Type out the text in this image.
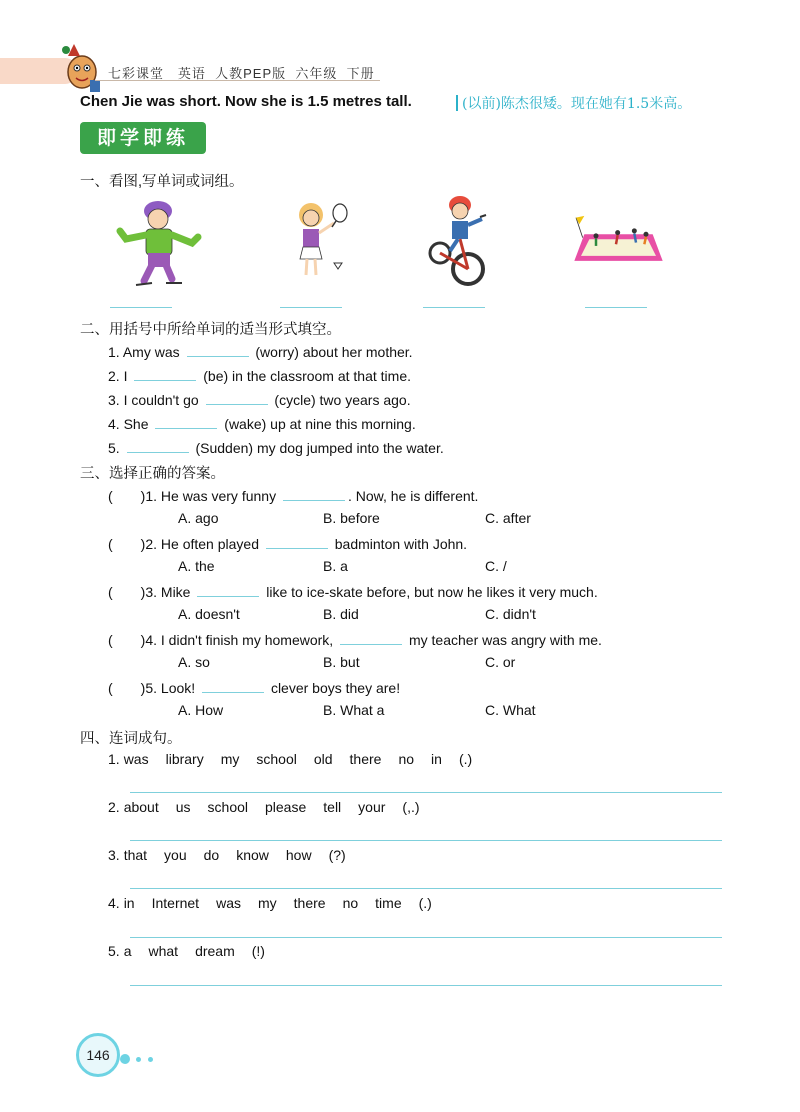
七彩课堂 英语 人教PEP版 六年级 下册
Chen Jie was short. Now she is 1.5 metres tall.	(以前)陈杰很矮。现在她有1.5米高。
即学即练
一、看图,写单词或词组。
二、用括号中所给单词的适当形式填空。
1. Amy was	(worry) about her mother.
2. I	(be) in the classroom at that time.
3. I couldn't go	(cycle) two years ago.
4. She	(wake) up at nine this morning.
5.	(Sudden) my dog jumped into the water.
三、选择正确的答案。
( )1. He was very funny	. Now, he is different.
A. ago	B. before	C. after
( )2. He often played	badminton with John.
A. the	B. a	C. /
( )3. Mike	like to ice-skate before, but now he likes it very much.
A. doesn't	B. did	C. didn't
( )4. I didn't finish my homework,	my teacher was angry with me.
A. so	B. but	C. or
( )5. Look!	clever boys they are!
A. How	B. What a	C. What
四、连词成句。
1. was library my school old there no in (.)
2. about us school please tell your (,.)
3. that you do know how (?)
4. in Internet was my there no time (.)
5. a what dream (!)
146
